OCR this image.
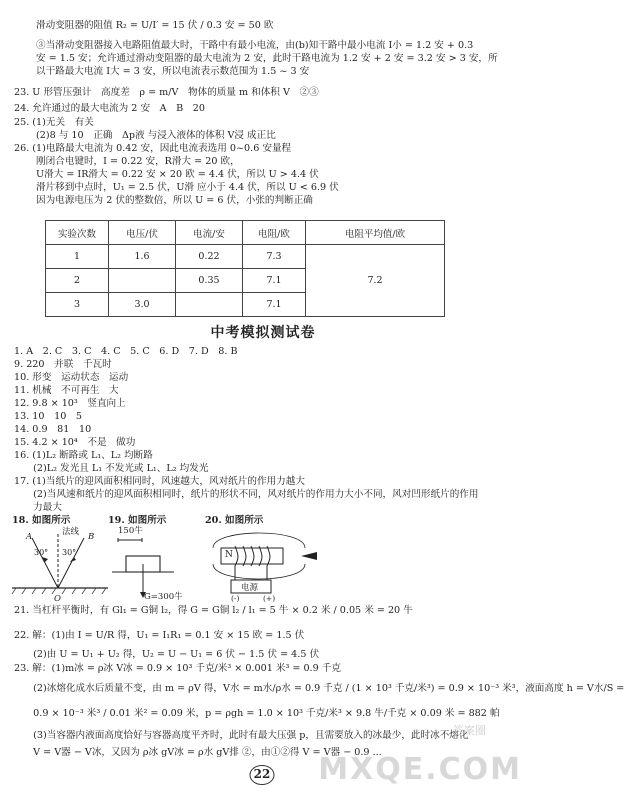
滑动变阻器的阻值 R₂ = U/I′ = 15 伏 / 0.3 安 = 50 欧
③当滑动变阻器接入电路阻值最大时，干路中有最小电流，由(b)知干路中最小电流 I小 = 1.2 安 + 0.3
安 = 1.5 安；允许通过滑动变阻器的最大电流为 2 安，此时干路电流为 1.2 安 + 2 安 = 3.2 安 > 3 安，所
以干路最大电流 I大 = 3 安，所以电流表示数范围为 1.5 ~ 3 安
23. U 形管压强计　高度差　ρ = m/V　物体的质量 m 和体积 V　②③
24. 允许通过的最大电流为 2 安　A　B　20
25. (1)无关　有关
(2)8 与 10　正确　Δp液 与浸入液体的体积 V浸 成正比
26. (1)电路最大电流为 0.42 安，因此电流表选用 0~0.6 安量程
刚闭合电键时，I = 0.22 安，R滑大 = 20 欧，
U滑大 = IR滑大 = 0.22 安 × 20 欧 = 4.4 伏，所以 U > 4.4 伏
滑片移到中点时，U₁ = 2.5 伏，U滑 应小于 4.4 伏，所以 U < 6.9 伏
因为电源电压为 2 伏的整数倍，所以 U = 6 伏，小张的判断正确
实验次数	电压/伏	电流/安	电阻/欧	电阻平均值/欧
1	1.6	0.22	7.3	7.2
2		0.35	7.1	
3	3.0		7.1	
中考模拟测试卷
1. A　2. C　3. C　4. C　5. C　6. D　7. D　8. B
9. 220　并联　千瓦时
10. 形变　运动状态　运动
11. 机械　不可再生　大
12. 9.8 × 10³　竖直向上
13. 10　10　5
14. 0.9　81　10
15. 4.2 × 10⁴　不是　做功
16. (1)L₂ 断路或 L₁、L₂ 均断路
　　(2)L₂ 发光且 L₁ 不发光或 L₁、L₂ 均发光
17. (1)当纸片的迎风面积相同时，风速越大，风对纸片的作用力越大
　　(2)当风速和纸片的迎风面积相同时，纸片的形状不同，风对纸片的作用力大小不同，风对凹形纸片的作用
　　力最大
18. 如图所示
法线
30° 30°
A	B
O
19. 如图所示
150牛
G=300牛
20. 如图所示
N
电源
(-)	(+)
21. 当杠杆平衡时，有 Gl₁ = G铜 l₂，得 G = G铜 l₂ / l₁ = 5 牛 × 0.2 米 / 0.05 米 = 20 牛
22. 解：(1)由 I = U/R 得，U₁ = I₁R₁ = 0.1 安 × 15 欧 = 1.5 伏
　　(2)由 U = U₁ + U₂ 得，U₂ = U − U₁ = 6 伏 − 1.5 伏 = 4.5 伏
23. 解：(1)m冰 = ρ冰 V冰 = 0.9 × 10³ 千克/米³ × 0.001 米³ = 0.9 千克
　　(2)冰熔化成水后质量不变，由 m = ρV 得，V水 = m水/ρ水 = 0.9 千克 / (1 × 10³ 千克/米³) = 0.9 × 10⁻³ 米³，液面高度 h = V水/S =
　　0.9 × 10⁻³ 米³ / 0.01 米² = 0.09 米，p = ρgh = 1.0 × 10³ 千克/米³ × 9.8 牛/千克 × 0.09 米 = 882 帕
　　(3)当容器内液面高度恰好与容器高度平齐时，此时有最大压强 p，且需要放入的冰最少，此时冰不熔化
　　V = V器 − V冰，又因为 ρ冰 gV冰 = ρ水 gV排 ②，由①②得 V = V器 − 0.9 ...
答案圈
MXQE.COM
22
